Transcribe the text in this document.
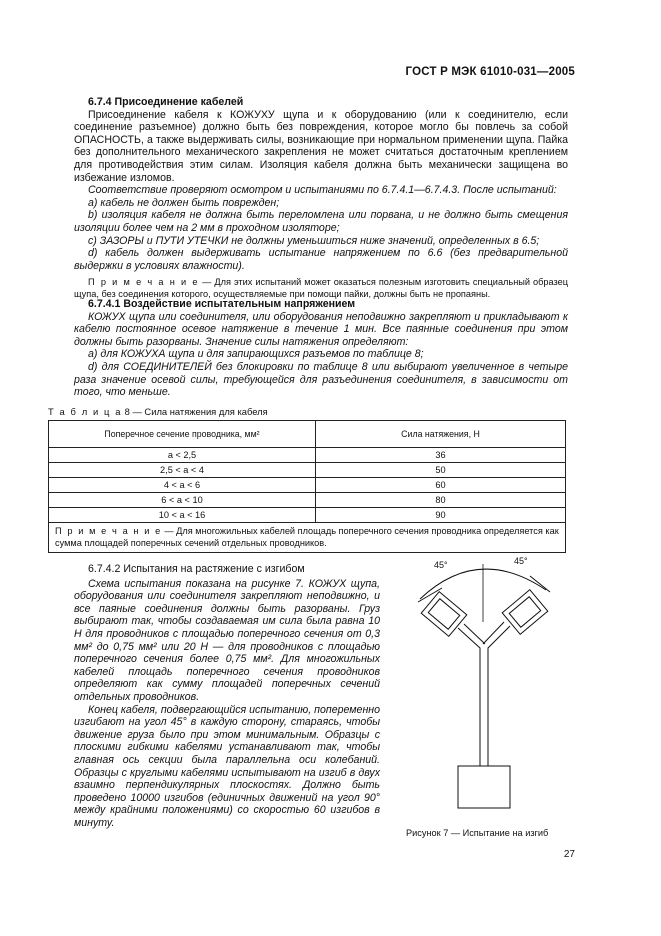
ГОСТ Р МЭК 61010-031—2005

6.7.4 Присоединение кабелей

Присоединение кабеля к КОЖУХУ щупа и к оборудованию (или к соединителю, если соединение разъемное) должно быть без повреждения, которое могло бы повлечь за собой ОПАСНОСТЬ, а также выдерживать силы, возникающие при нормальном применении щупа. Пайка без дополнительного механического закрепления не может считаться достаточным креплением для противодействия этим силам. Изоляция кабеля должна быть механически защищена во избежание изломов.

Соответствие проверяют осмотром и испытаниями по 6.7.4.1—6.7.4.3. После испытаний:

а) кабель не должен быть поврежден;

b) изоляция кабеля не должна быть переломлена или порвана, и не должно быть смещения изоляции более чем на 2 мм в проходном изоляторе;

c) ЗАЗОРЫ и ПУТИ УТЕЧКИ не должны уменьшиться ниже значений, определенных в 6.5;

d) кабель должен выдерживать испытание напряжением по 6.6 (без предварительной выдержки в условиях влажности).

П р и м е ч а н и е — Для этих испытаний может оказаться полезным изготовить специальный образец щупа, без соединения которого, осуществляемые при помощи пайки, должны быть не пропаяны.

6.7.4.1 Воздействие испытательным напряжением

КОЖУХ щупа или соединителя, или оборудования неподвижно закрепляют и прикладывают к кабелю постоянное осевое натяжение в течение 1 мин. Все паянные соединения при этом должны быть разорваны. Значение силы натяжения определяют:

а) для КОЖУХА щупа и для запирающихся разъемов по таблице 8;

d) для СОЕДИНИТЕЛЕЙ без блокировки по таблице 8 или выбирают увеличенное в четыре раза значение осевой силы, требующейся для разъединения соединителя, в зависимости от того, что меньше.

Т а б л и ц а 8 — Сила натяжения для кабеля
Поперечное сечение проводника, мм²	Сила натяжения, Н
a < 2,5	36
2,5 < a < 4	50
4 < a < 6	60
6 < a < 10	80
10 < a < 16	90
П р и м е ч а н и е — Для многожильных кабелей площадь поперечного сечения проводника определяется как сумма площадей поперечных сечений отдельных проводников.	

6.7.4.2 Испытания на растяжение с изгибом

Схема испытания показана на рисунке 7. КОЖУХ щупа, оборудования или соединителя закрепляют неподвижно, и все паяные соединения должны быть разорваны. Груз выбирают так, чтобы создаваемая им сила была равна 10 Н для проводников с площадью поперечного сечения от 0,3 мм² до 0,75 мм² или 20 Н — для проводников с площадью поперечного сечения более 0,75 мм². Для многожильных кабелей площадь поперечного сечения проводников определяют как сумму площадей поперечных сечений отдельных проводников.

Конец кабеля, подвергающийся испытанию, попеременно изгибают на угол 45° в каждую сторону, стараясь, чтобы движение груза было при этом минимальным. Образцы с плоскими гибкими кабелями устанавливают так, чтобы главная ось секции была параллельна оси колебаний. Образцы с круглыми кабелями испытывают на изгиб в двух взаимно перпендикулярных плоскостях. Должно быть проведено 10000 изгибов (единичных движений на угол 90° между крайними положениями) со скоростью 60 изгибов в минуту.

45°	45°
Рисунок 7 — Испытание на изгиб
27
